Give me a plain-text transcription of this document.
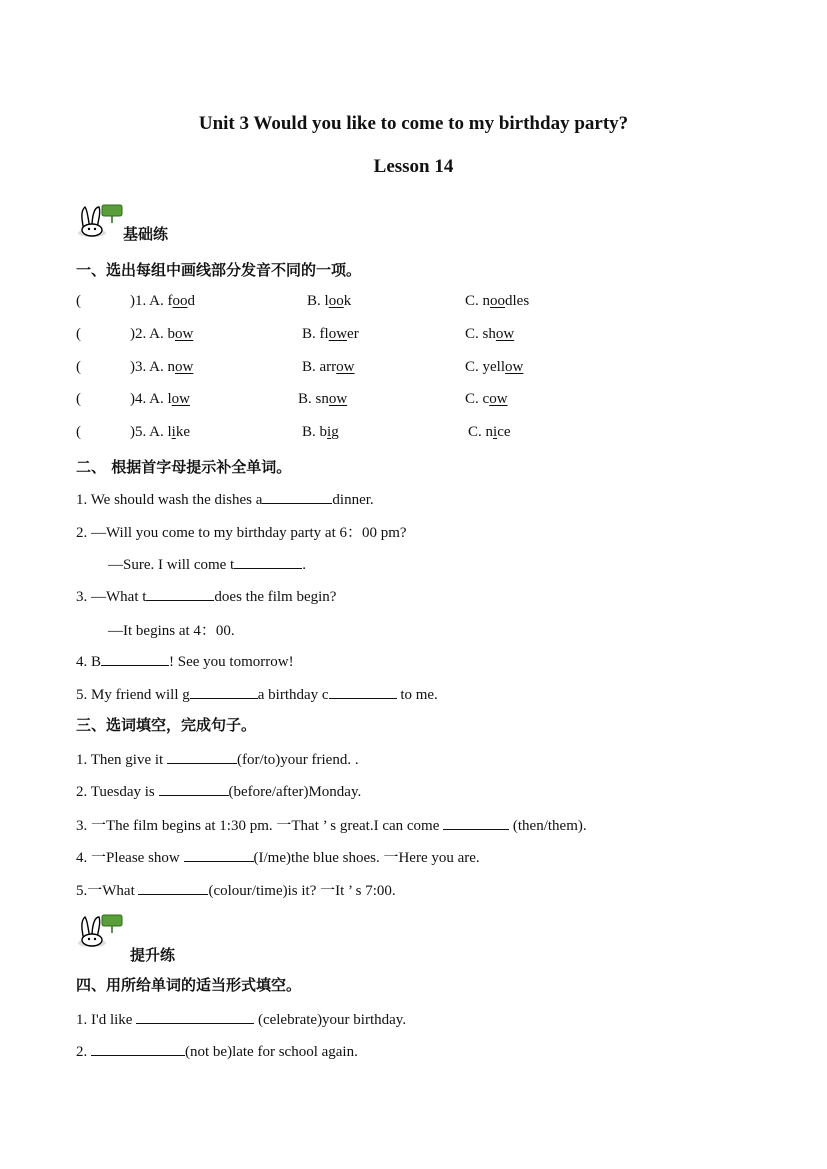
Unit 3 Would you like to come to my birthday party?
Lesson 14
基础练
一、选出每组中画线部分发音不同的一项。
(	)1. A. food	B. look	C. noodles
(	)2. A. bow	B. flower	C. show
(	)3. A. now	B. arrow	C. yellow
(	)4. A. low	B. snow	C. cow
(	)5. A. like	B. big	C. nice
二、 根据首字母提示补全单词。
1. We should wash the dishes a	dinner.
2. —Will you come to my birthday party at 6：00 pm?
—Sure. I will come t	.
3. —What t	does the film begin?
—It begins at 4：00.
4. B	! See you tomorrow!
5. My friend will g	a birthday c	to me.
三、选词填空，完成句子。
1. Then give it	(for/to)your friend. .
2. Tuesday is	(before/after)Monday.
3. 一The film begins at 1:30 pm. 一That ’ s great.I can come	(then/them).
4. 一Please show	(I/me)the blue shoes. 一Here you are.
5.一What	(colour/time)is it? 一It ’ s 7:00.
提升练
四、用所给单词的适当形式填空。
1. I'd like	(celebrate)your birthday.
2.	(not be)late for school again.
